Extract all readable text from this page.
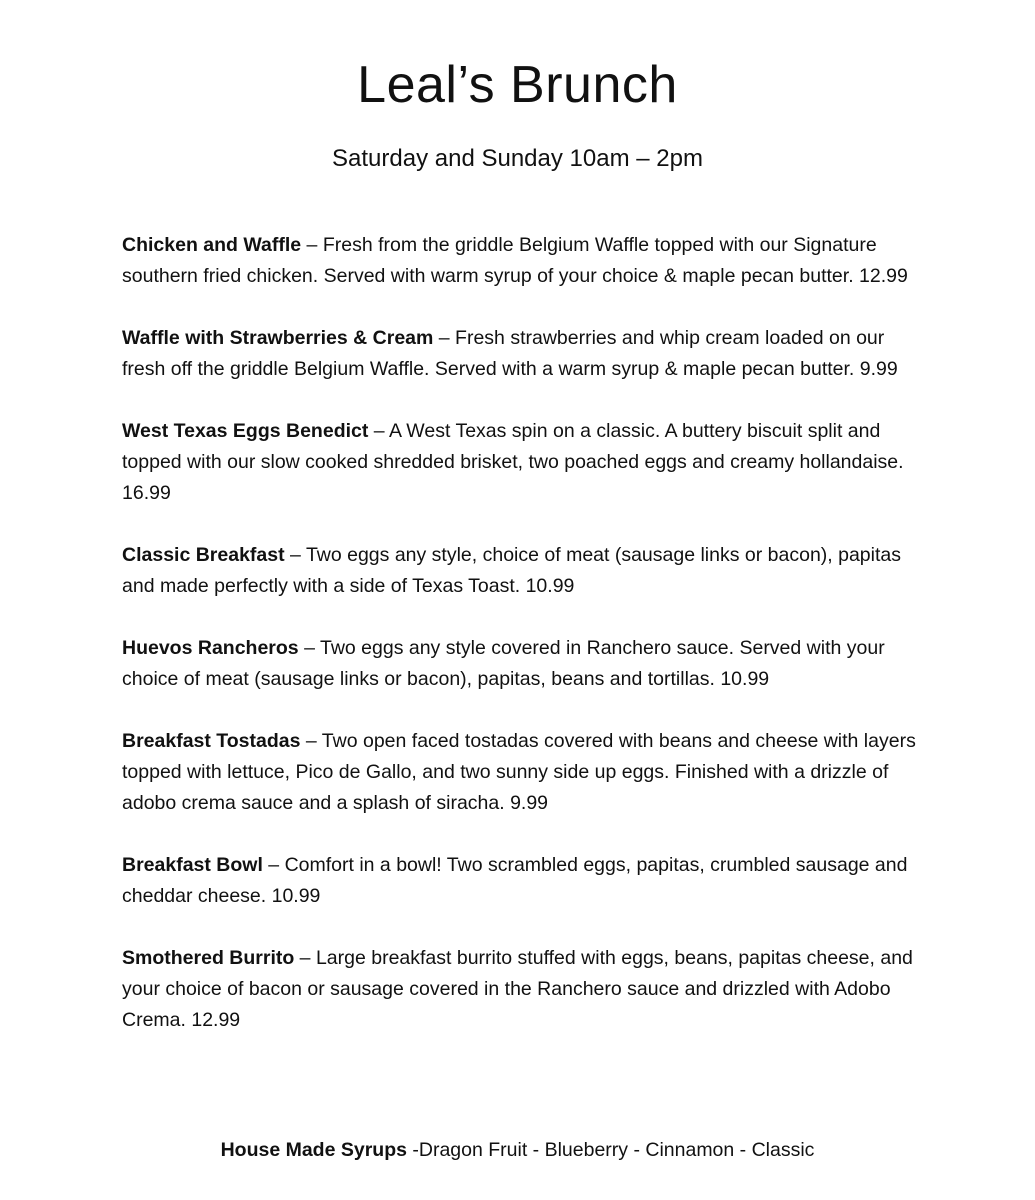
Leal’s Brunch

Saturday and Sunday 10am – 2pm

Chicken and Waffle – Fresh from the griddle Belgium Waffle topped with our Signature southern fried chicken. Served with warm syrup of your choice & maple pecan butter. 12.99

Waffle with Strawberries & Cream – Fresh strawberries and whip cream loaded on our fresh off the griddle Belgium Waffle. Served with a warm syrup & maple pecan butter. 9.99

West Texas Eggs Benedict – A West Texas spin on a classic. A buttery biscuit split and topped with our slow cooked shredded brisket, two poached eggs and creamy hollandaise. 16.99

Classic Breakfast – Two eggs any style, choice of meat (sausage links or bacon), papitas and made perfectly with a side of Texas Toast. 10.99

Huevos Rancheros – Two eggs any style covered in Ranchero sauce. Served with your choice of meat (sausage links or bacon), papitas, beans and tortillas. 10.99

Breakfast Tostadas – Two open faced tostadas covered with beans and cheese with layers topped with lettuce, Pico de Gallo, and two sunny side up eggs. Finished with a drizzle of adobo crema sauce and a splash of siracha. 9.99

Breakfast Bowl – Comfort in a bowl! Two scrambled eggs, papitas, crumbled sausage and cheddar cheese. 10.99

Smothered Burrito – Large breakfast burrito stuffed with eggs, beans, papitas cheese, and your choice of bacon or sausage covered in the Ranchero sauce and drizzled with Adobo Crema. 12.99

House Made Syrups -Dragon Fruit - Blueberry - Cinnamon - Classic
